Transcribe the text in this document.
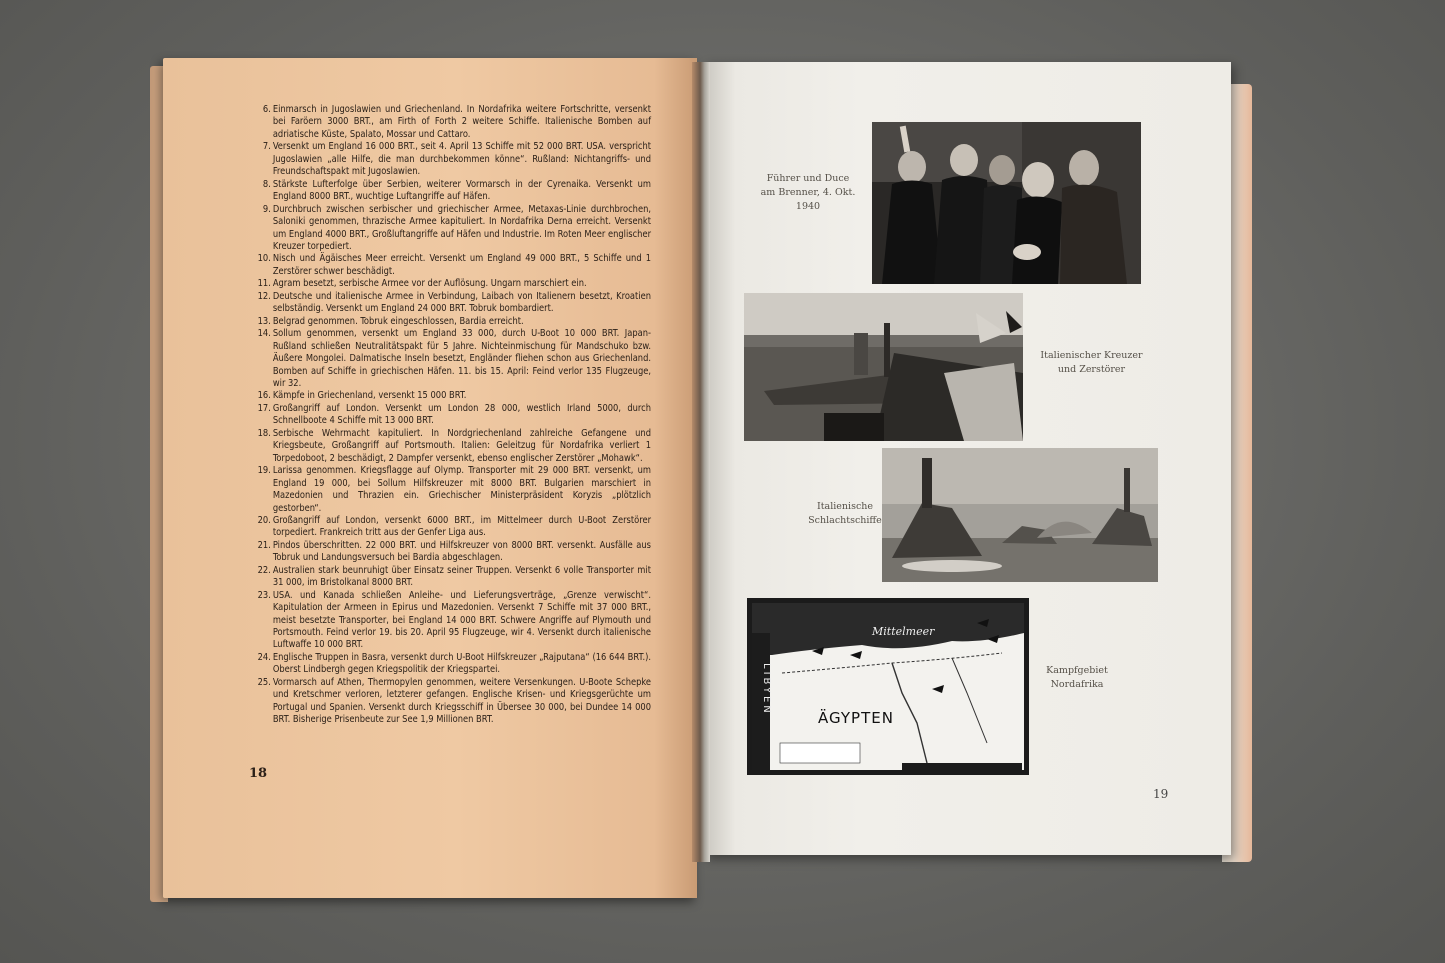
6. Einmarsch in Jugoslawien und Griechenland. In Nordafrika weitere Fortschritte, versenkt bei Faröern 3000 BRT., am Firth of Forth 2 weitere Schiffe. Italienische Bomben auf adriatische Küste, Spalato, Mossar und Cattaro.

7. Versenkt um England 16 000 BRT., seit 4. April 13 Schiffe mit 52 000 BRT. USA. verspricht Jugoslawien „alle Hilfe, die man durchbekommen könne“. Rußland: Nichtangriffs- und Freundschaftspakt mit Jugoslawien.

8. Stärkste Lufterfolge über Serbien, weiterer Vormarsch in der Cyrenaika. Versenkt um England 8000 BRT., wuchtige Luftangriffe auf Häfen.

9. Durchbruch zwischen serbischer und griechischer Armee, Metaxas-Linie durchbrochen, Saloniki genommen, thrazische Armee kapituliert. In Nordafrika Derna erreicht. Versenkt um England 4000 BRT., Großluftangriffe auf Häfen und Industrie. Im Roten Meer englischer Kreuzer torpediert.

10. Nisch und Ägäisches Meer erreicht. Versenkt um England 49 000 BRT., 5 Schiffe und 1 Zerstörer schwer beschädigt.

11. Agram besetzt, serbische Armee vor der Auflösung. Ungarn marschiert ein.

12. Deutsche und italienische Armee in Verbindung, Laibach von Italienern besetzt, Kroatien selbständig. Versenkt um England 24 000 BRT. Tobruk bombardiert.

13. Belgrad genommen. Tobruk eingeschlossen, Bardia erreicht.

14. Sollum genommen, versenkt um England 33 000, durch U-Boot 10 000 BRT. Japan-Rußland schließen Neutralitätspakt für 5 Jahre. Nichteinmischung für Mandschuko bzw. Äußere Mongolei. Dalmatische Inseln besetzt, Engländer fliehen schon aus Griechenland. Bomben auf Schiffe in griechischen Häfen. 11. bis 15. April: Feind verlor 135 Flugzeuge, wir 32.

16. Kämpfe in Griechenland, versenkt 15 000 BRT.

17. Großangriff auf London. Versenkt um London 28 000, westlich Irland 5000, durch Schnellboote 4 Schiffe mit 13 000 BRT.

18. Serbische Wehrmacht kapituliert. In Nordgriechenland zahlreiche Gefangene und Kriegsbeute, Großangriff auf Portsmouth. Italien: Geleitzug für Nordafrika verliert 1 Torpedoboot, 2 beschädigt, 2 Dampfer versenkt, ebenso englischer Zerstörer „Mohawk“.

19. Larissa genommen. Kriegsflagge auf Olymp. Transporter mit 29 000 BRT. versenkt, um England 19 000, bei Sollum Hilfskreuzer mit 8000 BRT. Bulgarien marschiert in Mazedonien und Thrazien ein. Griechischer Ministerpräsident Koryzis „plötzlich gestorben“.

20. Großangriff auf London, versenkt 6000 BRT., im Mittelmeer durch U-Boot Zerstörer torpediert. Frankreich tritt aus der Genfer Liga aus.

21. Pindos überschritten. 22 000 BRT. und Hilfskreuzer von 8000 BRT. versenkt. Ausfälle aus Tobruk und Landungsversuch bei Bardia abgeschlagen.

22. Australien stark beunruhigt über Einsatz seiner Truppen. Versenkt 6 volle Transporter mit 31 000, im Bristolkanal 8000 BRT.

23. USA. und Kanada schließen Anleihe- und Lieferungsverträge, „Grenze verwischt“. Kapitulation der Armeen in Epirus und Mazedonien. Versenkt 7 Schiffe mit 37 000 BRT., meist besetzte Transporter, bei England 14 000 BRT. Schwere Angriffe auf Plymouth und Portsmouth. Feind verlor 19. bis 20. April 95 Flugzeuge, wir 4. Versenkt durch italienische Luftwaffe 10 000 BRT.

24. Englische Truppen in Basra, versenkt durch U-Boot Hilfskreuzer „Rajputana“ (16 644 BRT.). Oberst Lindbergh gegen Kriegspolitik der Kriegspartei.

25. Vormarsch auf Athen, Thermopylen genommen, weitere Versenkungen. U-Boote Schepke und Kretschmer verloren, letzterer gefangen. Englische Krisen- und Kriegsgerüchte um Portugal und Spanien. Versenkt durch Kriegsschiff in Übersee 30 000, bei Dundee 14 000 BRT. Bisherige Prisenbeute zur See 1,9 Millionen BRT.

18
Führer und Duce
am Brenner, 4. Okt. 1940
Italienischer Kreuzer
und Zerstörer
Italienische
Schlachtschiffe
Mittelmeer
LIBYEN
ÄGYPTEN
Kampfgebiet
Nordafrika
19
